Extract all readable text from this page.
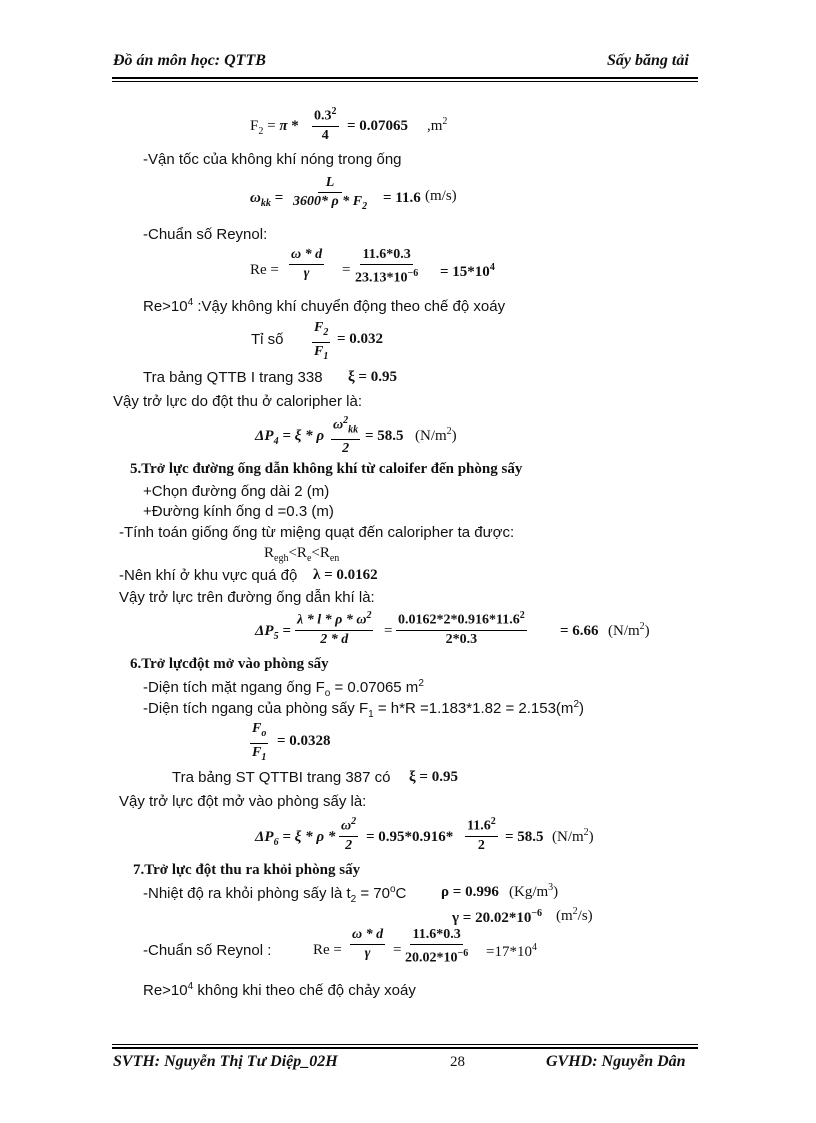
Đồ án môn học: QTTB	Sấy băng tải
$F_2 = \pi * \frac{0.3^2}{4} = 0.07065$ $,m^2$
-Vận tốc của không khí nóng trong ống
$\omega_{kk} = \frac{L}{3600* \rho * F_2} = 11.6$ (m/s)
-Chuẩn số Reynol:
$Re = \frac{\omega * d}{\gamma} = \frac{11.6*0.3}{23.13*10^{-6}} = 15*10^4$
$Re>10^4$ :Vậy không khí chuyển động theo chế độ xoáy
Tỉ số $\frac{F_2}{F_1} = 0.032$
Tra bảng QTTB I trang 338 ξ = 0.95
Vậy trở lực do đột thu ở caloripher là:
$\Delta P_4 = \xi * \rho \frac{\omega^2_{kk}}{2} = 58.5$ $(N/m^2)$
5.Trở lực đường ống dẫn không khí từ caloifer đến phòng sấy
+Chọn đường ống dài 2 (m)
+Đường kính ống d =0.3 (m)
-Tính toán giống ống từ miệng quạt đến caloripher ta được:
$R_{egh}<R_e<R_{en}$
-Nên khí ở khu vực quá độ λ = 0.0162
Vậy trở lực trên đường ống dẫn khí là:
$\Delta P_5 = \frac{\lambda * l * \rho * \omega^2}{2 * d} = \frac{0.0162*2*0.916*11.6^2}{2*0.3} = 6.66$ $(N/m^2)$
6.Trở lựcđột mở vào phòng sấy
-Diện tích mặt ngang ống $F_o = 0.07065$ $m^2$
-Diện tích ngang của phòng sấy $F_1 = h*R =1.183*1.82 = 2.153(m^2)$
$\frac{F_o}{F_1} = 0.0328$
Tra bảng ST QTTBI trang 387 có ξ = 0.95
Vậy trở lực đột mở vào phòng sấy là:
$\Delta P_6 = \xi * \rho * \frac{\omega^2}{2} = 0.95*0.916* \frac{11.6^2}{2} = 58.5$ $(N/m^2)$
7.Trở lực đột thu ra khỏi phòng sấy
-Nhiệt độ ra khỏi phòng sấy là $t_2 = 70^oC$ ρ = 0.996 $(Kg/m^3)$
$\gamma = 20.02*10^{-6}$ $(m^2/s)$
-Chuẩn số Reynol :	$Re = \frac{\omega * d}{\gamma} = \frac{11.6*0.3}{20.02*10^{-6}} =17*10^4$
$Re>10^4$ không khi theo chế độ chảy xoáy
SVTH: Nguyễn Thị Tư Diệp_02H	28	GVHD: Nguyễn Dân
